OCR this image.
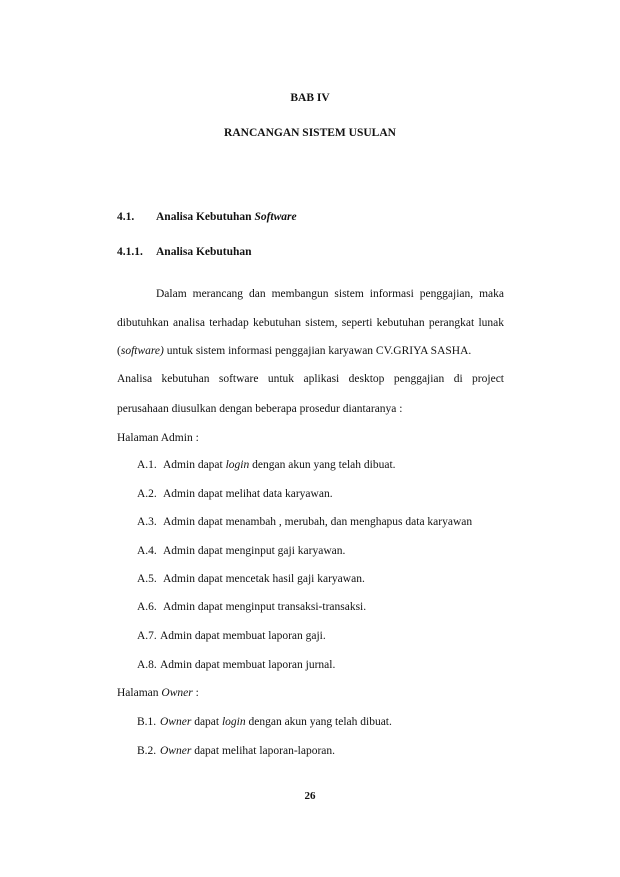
BAB IV
RANCANGAN SISTEM USULAN
4.1. Analisa Kebutuhan Software
4.1.1. Analisa Kebutuhan
Dalam merancang dan membangun sistem informasi penggajian, maka
dibutuhkan analisa terhadap kebutuhan sistem, seperti kebutuhan perangkat lunak
(software) untuk sistem informasi penggajian karyawan CV.GRIYA SASHA.
Analisa kebutuhan software untuk aplikasi desktop penggajian di project
perusahaan diusulkan dengan beberapa prosedur diantaranya :
Halaman Admin :
A.1. Admin dapat login dengan akun yang telah dibuat.
A.2. Admin dapat melihat data karyawan.
A.3. Admin dapat menambah , merubah, dan menghapus data karyawan
A.4. Admin dapat menginput gaji karyawan.
A.5. Admin dapat mencetak hasil gaji karyawan.
A.6. Admin dapat menginput transaksi-transaksi.
A.7. Admin dapat membuat laporan gaji.
A.8. Admin dapat membuat laporan jurnal.
Halaman Owner :
B.1. Owner dapat login dengan akun yang telah dibuat.
B.2. Owner dapat melihat laporan-laporan.
26
